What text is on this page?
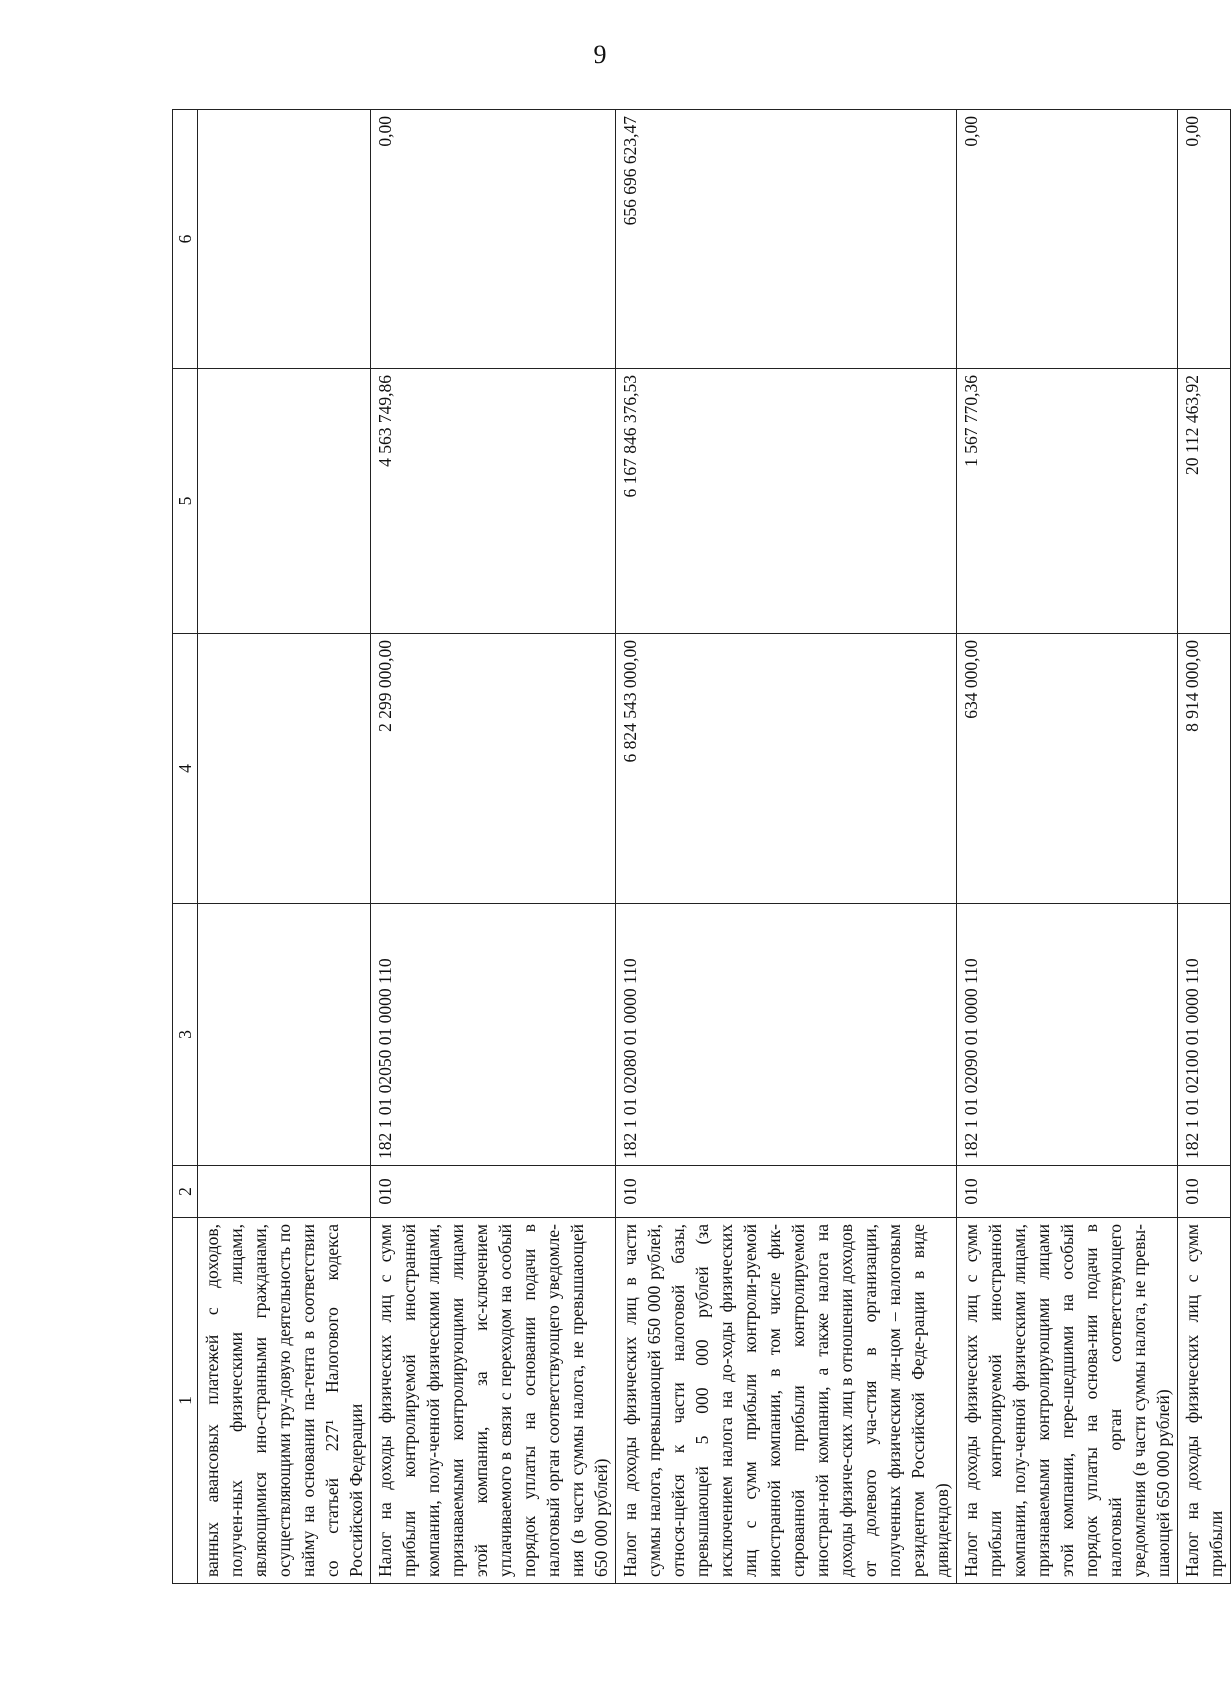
9
1	2	3	4	5	6
ванных авансовых платежей с доходов, получен-ных физическими лицами, являющимися ино-странными гражданами, осуществляющими тру-довую деятельность по найму на основании па-тента в соответствии со статьей 227¹ Налогового кодекса Российской Федерации					
Налог на доходы физических лиц с сумм прибыли контролируемой иностранной компании, полу-ченной физическими лицами, признаваемыми контролирующими лицами этой компании, за ис-ключением уплачиваемого в связи с переходом на особый порядок уплаты на основании подачи в налоговый орган соответствующего уведомле-ния (в части суммы налога, не превышающей 650 000 рублей)	010	182 1 01 02050 01 0000 110	2 299 000,00	4 563 749,86	0,00
Налог на доходы физических лиц в части суммы налога, превышающей 650 000 рублей, относя-щейся к части налоговой базы, превышающей 5 000 000 рублей (за исключением налога на до-ходы физических лиц с сумм прибыли контроли-руемой иностранной компании, в том числе фик-сированной прибыли контролируемой иностран-ной компании, а также налога на доходы физиче-ских лиц в отношении доходов от долевого уча-стия в организации, полученных физическим ли-цом – налоговым резидентом Российской Феде-рации в виде дивидендов)	010	182 1 01 02080 01 0000 110	6 824 543 000,00	6 167 846 376,53	656 696 623,47
Налог на доходы физических лиц с сумм прибыли контролируемой иностранной компании, полу-ченной физическими лицами, признаваемыми контролирующими лицами этой компании, пере-шедшими на особый порядок уплаты на основа-нии подачи в налоговый орган соответствующего уведомления (в части суммы налога, не превы-шающей 650 000 рублей)	010	182 1 01 02090 01 0000 110	634 000,00	1 567 770,36	0,00
Налог на доходы физических лиц с сумм прибыли	010	182 1 01 02100 01 0000 110	8 914 000,00	20 112 463,92	0,00
